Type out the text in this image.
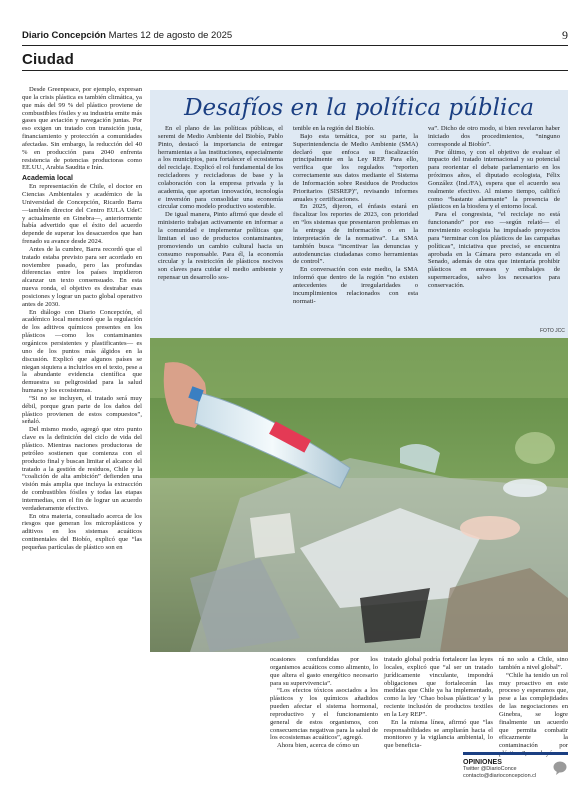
Diario Concepción Martes 12 de agosto de 2025	9
Ciudad

Desde Greenpeace, por ejemplo, expresan que la crisis plástica es también climática, ya que más del 99 % del plástico proviene de combustibles fósiles y su industria emite más gases que aviación y navegación juntas. Por eso exigen un tratado con transición justa, financiamiento y protección a comunidades afectadas. Sin embargo, la reducción del 40 % en producción para 2040 enfrenta resistencia de potencias productoras como EE.UU., Arabia Saudita e Irán.

Academia local

En representación de Chile, el doctor en Ciencias Ambientales y académico de la Universidad de Concepción, Ricardo Barra —también director del Centro EULA UdeC y actualmente en Ginebra—, anteriormente había advertido que el éxito del acuerdo depende de superar los desacuerdos que han frenado su avance desde 2024.

Antes de la cumbre, Barra recordó que el tratado estaba previsto para ser acordado en noviembre pasado, pero las profundas diferencias entre los países impidieron alcanzar un texto consensuado. En esta nueva ronda, el objetivo es destrabar esas posiciones y lograr un pacto global operativo antes de 2030.

En diálogo con Diario Concepción, el académico local mencionó que la regulación de los aditivos químicos presentes en los plásticos —como los contaminantes orgánicos persistentes y plastificantes— es uno de los puntos más álgidos en la discusión. Explicó que algunos países se niegan siquiera a incluirlos en el texto, pese a la abundante evidencia científica que demuestra su peligrosidad para la salud humana y los ecosistemas.

“Si no se incluyen, el tratado será muy débil, porque gran parte de los daños del plástico provienen de estos compuestos”, señaló.

Del mismo modo, agregó que otro punto clave es la definición del ciclo de vida del plástico. Mientras naciones productoras de petróleo sostienen que comienza con el producto final y buscan limitar el alcance del tratado a la gestión de residuos, Chile y la “coalición de alta ambición” defienden una visión más amplia que incluya la extracción de combustibles fósiles y todas las etapas intermedias, con el fin de lograr un acuerdo verdaderamente efectivo.

En otra materia, consultado acerca de los riesgos que generan los microplásticos y aditivos en los sistemas acuáticos continentales del Biobío, explicó que “las pequeñas partículas de plástico son en

Desafíos en la política pública

En el plano de las políticas públicas, el seremi de Medio Ambiente del Biobío, Pablo Pinto, destacó la importancia de entregar herramientas a las instituciones, especialmente a los municipios, para fortalecer el ecosistema del reciclaje. Explicó el rol fundamental de los recicladores y recicladoras de base y la colaboración con la empresa privada y la academia, que aportan innovación, tecnología e inversión para consolidar una economía circular como modelo productivo sostenible.

De igual manera, Pinto afirmó que desde el ministerio trabajan activamente en informar a la comunidad e implementar políticas que limitan el uso de productos contaminantes, promoviendo un cambio cultural hacia un consumo responsable. Para él, la economía circular y la restricción de plásticos nocivos son claves para cuidar el medio ambiente y repensar un desarrollo sos-

tenible en la región del Biobío.

Bajo esta temática, por su parte, la Superintendencia de Medio Ambiente (SMA) declaró que enfoca su fiscalización principalmente en la Ley REP. Para ello, verifica que los regulados “reporten correctamente sus datos mediante el Sistema de Información sobre Residuos de Productos Prioritarios (SISREP)”, revisando informes anuales y certificaciones.

En 2025, dijeron, el énfasis estará en fiscalizar los reportes de 2023, con prioridad en “los sistemas que presentaron problemas en la entrega de información o en la interpretación de la normativa”. La SMA también busca “incentivar las denuncias y autodenuncias ciudadanas como herramientas de control”.

En conversación con este medio, la SMA informó que dentro de la región “no existen antecedentes de irregularidades o incumplimientos relacionados con esta normati-

va”. Dicho de otro modo, si bien revelaron haber iniciado dos procedimientos, “ninguno corresponde al Biobío”.

Por último, y con el objetivo de evaluar el impacto del tratado internacional y su potencial para reorientar el debate parlamentario en los próximos años, el diputado ecologista, Félix González (Ind./FA), espera que el acuerdo sea realmente efectivo. Al mismo tiempo, calificó como “bastante alarmante” la presencia de plásticos en la biosfera y el entorno local.

Para el congresista, “el reciclaje no está funcionando” por eso —según relató— el movimiento ecologista ha impulsado proyectos para “terminar con los plásticos de las campañas políticas”, iniciativa que precisó, se encuentra aprobada en la Cámara pero estancada en el Senado, además de otra que intentaría prohibir plásticos en envases y embalajes de supermercados, salvo los necesarios para conservación.

FOTO JCC

ocasiones confundidas por los organismos acuáticos como alimento, lo que altera el gasto energético necesario para su supervivencia”.

“Los efectos tóxicos asociados a los plásticos y los químicos añadidos pueden afectar el sistema hormonal, reproductivo y el funcionamiento general de estos organismos, con consecuencias negativas para la salud de los ecosistemas acuáticos”, agregó.

Ahora bien, acerca de cómo un

tratado global podría fortalecer las leyes locales, explicó que “al ser un tratado jurídicamente vinculante, impondrá obligaciones que fortalecerán las medidas que Chile ya ha implementado, como la ley ‘Chao bolsas plásticas’ y la reciente inclusión de productos textiles en la Ley REP”.

En la misma línea, afirmó que “las responsabilidades se ampliarán hacia el monitoreo y la vigilancia ambiental, lo que beneficia-

rá no solo a Chile, sino también a nivel global”.

“Chile ha tenido un rol muy proactivo en este proceso y esperamos que, pese a las complejidades de las negociaciones en Ginebra, se logre finalmente un acuerdo que permita combatir eficazmente la contaminación por

OPINIONES
Twitter @DiarioConce
contacto@diarioconcepcion.cl
